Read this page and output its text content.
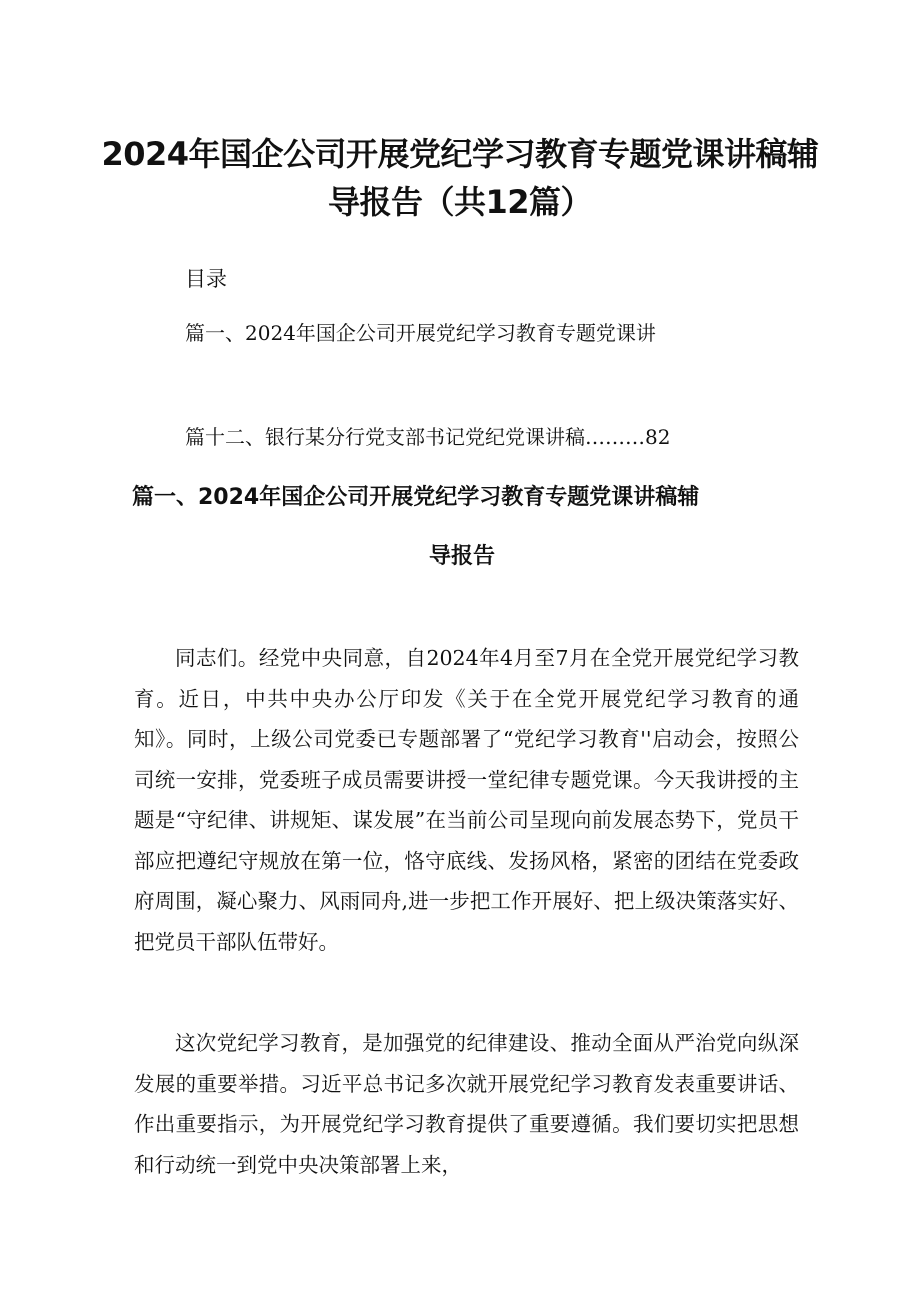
2024年国企公司开展党纪学习教育专题党课讲稿辅导报告（共12篇）
目录
篇一、2024年国企公司开展党纪学习教育专题党课讲
篇十二、银行某分行党支部书记党纪党课讲稿………82
篇一、2024年国企公司开展党纪学习教育专题党课讲稿辅
导报告

同志们。经党中央同意，自2024年4月至7月在全党开展党纪学习教育。近日，中共中央办公厅印发《关于在全党开展党纪学习教育的通知》。同时，上级公司党委已专题部署了“党纪学习教育''启动会，按照公司统一安排，党委班子成员需要讲授一堂纪律专题党课。今天我讲授的主题是“守纪律、讲规矩、谋发展”在当前公司呈现向前发展态势下，党员干部应把遵纪守规放在第一位，恪守底线、发扬风格，紧密的团结在党委政府周围，凝心聚力、风雨同舟,进一步把工作开展好、把上级决策落实好、把党员干部队伍带好。

这次党纪学习教育，是加强党的纪律建设、推动全面从严治党向纵深发展的重要举措。习近平总书记多次就开展党纪学习教育发表重要讲话、作出重要指示，为开展党纪学习教育提供了重要遵循。我们要切实把思想和行动统一到党中央决策部署上来，
